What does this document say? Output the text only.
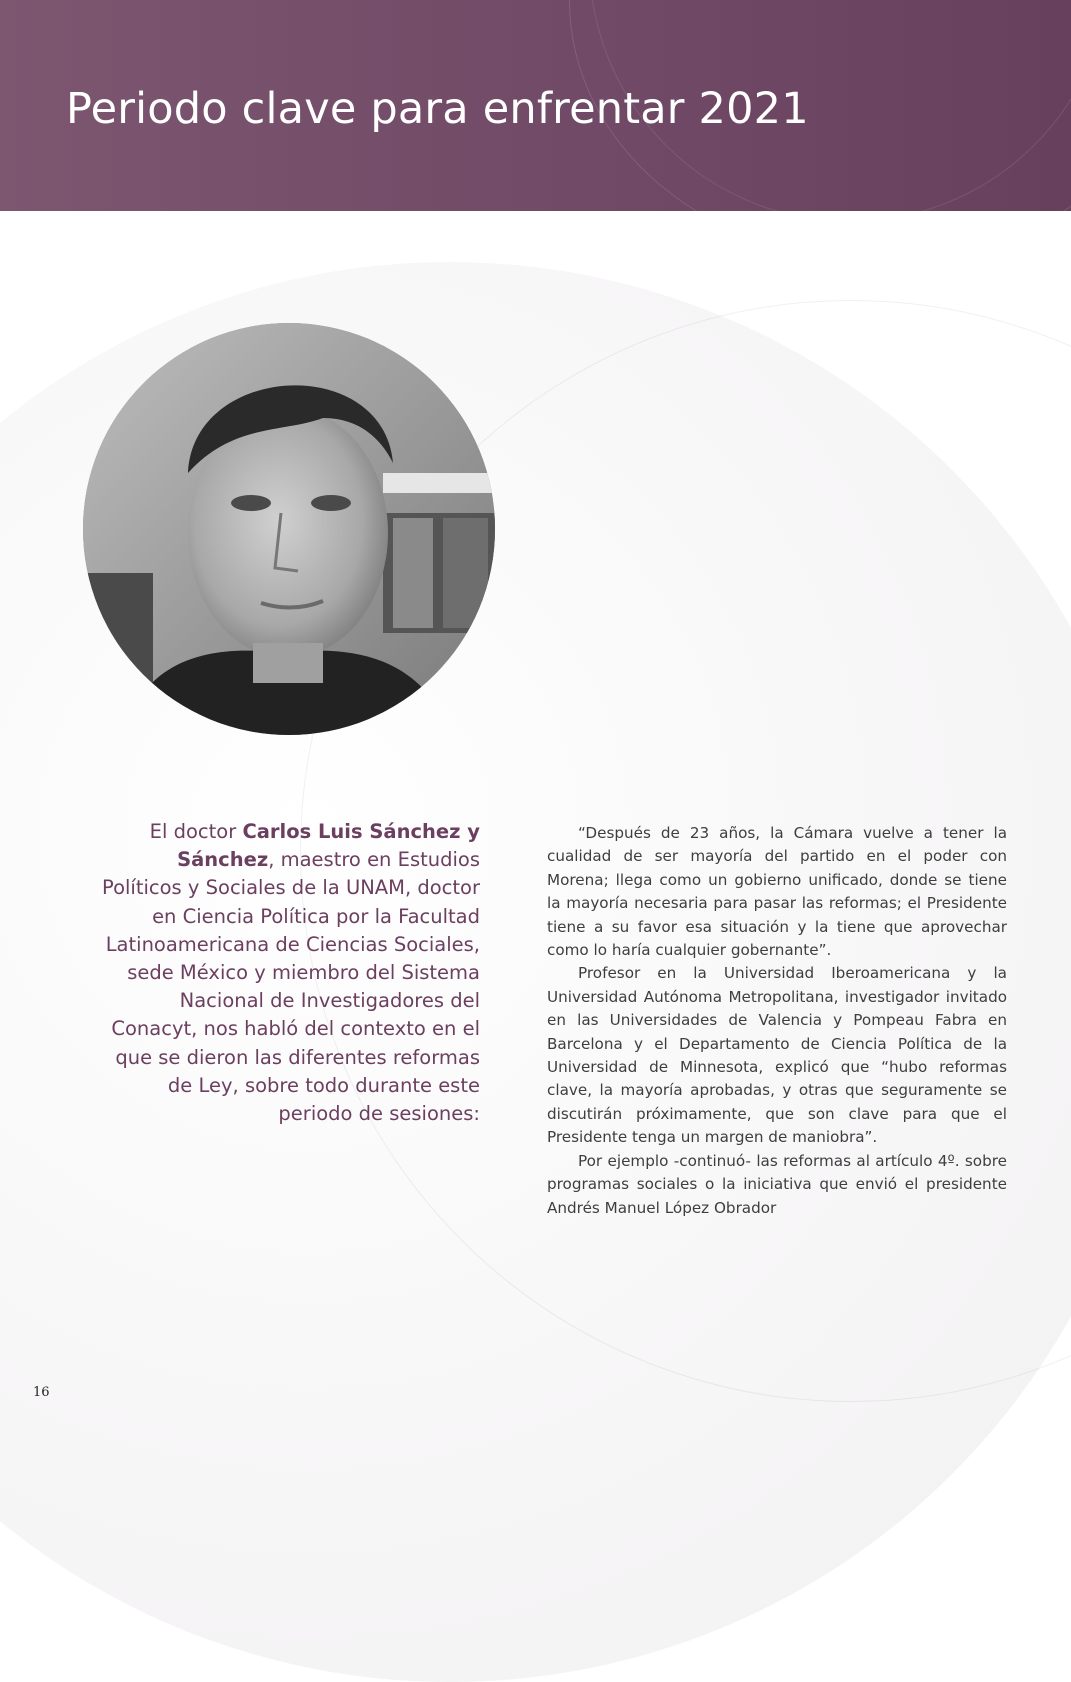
Periodo clave para enfrentar 2021

El doctor Carlos Luis Sánchez y Sánchez, maestro en Estudios Políticos y Sociales de la UNAM, doctor en Ciencia Política por la Facultad Latinoamericana de Ciencias Sociales, sede México y miembro del Sistema Nacional de Investigadores del Conacyt, nos habló del contexto en el que se dieron las diferentes reformas de Ley, sobre todo durante este periodo de sesiones:

“Después de 23 años, la Cámara vuelve a tener la cualidad de ser mayoría del partido en el poder con Morena; llega como un gobierno unificado, donde se tiene la mayoría necesaria para pasar las reformas; el Presidente tiene a su favor esa situación y la tiene que aprovechar como lo haría cualquier gobernante”.

Profesor en la Universidad Iberoamericana y la Universidad Autónoma Metropolitana, investigador invitado en las Universidades de Valencia y Pompeau Fabra en Barcelona y el Departamento de Ciencia Política de la Universidad de Minnesota, explicó que “hubo reformas clave, la mayoría aprobadas, y otras que seguramente se discutirán próximamente, que son clave para que el Presidente tenga un margen de maniobra”.

Por ejemplo -continuó- las reformas al artículo 4º. sobre programas sociales o la iniciativa que envió el presidente Andrés Manuel López Obrador

16
